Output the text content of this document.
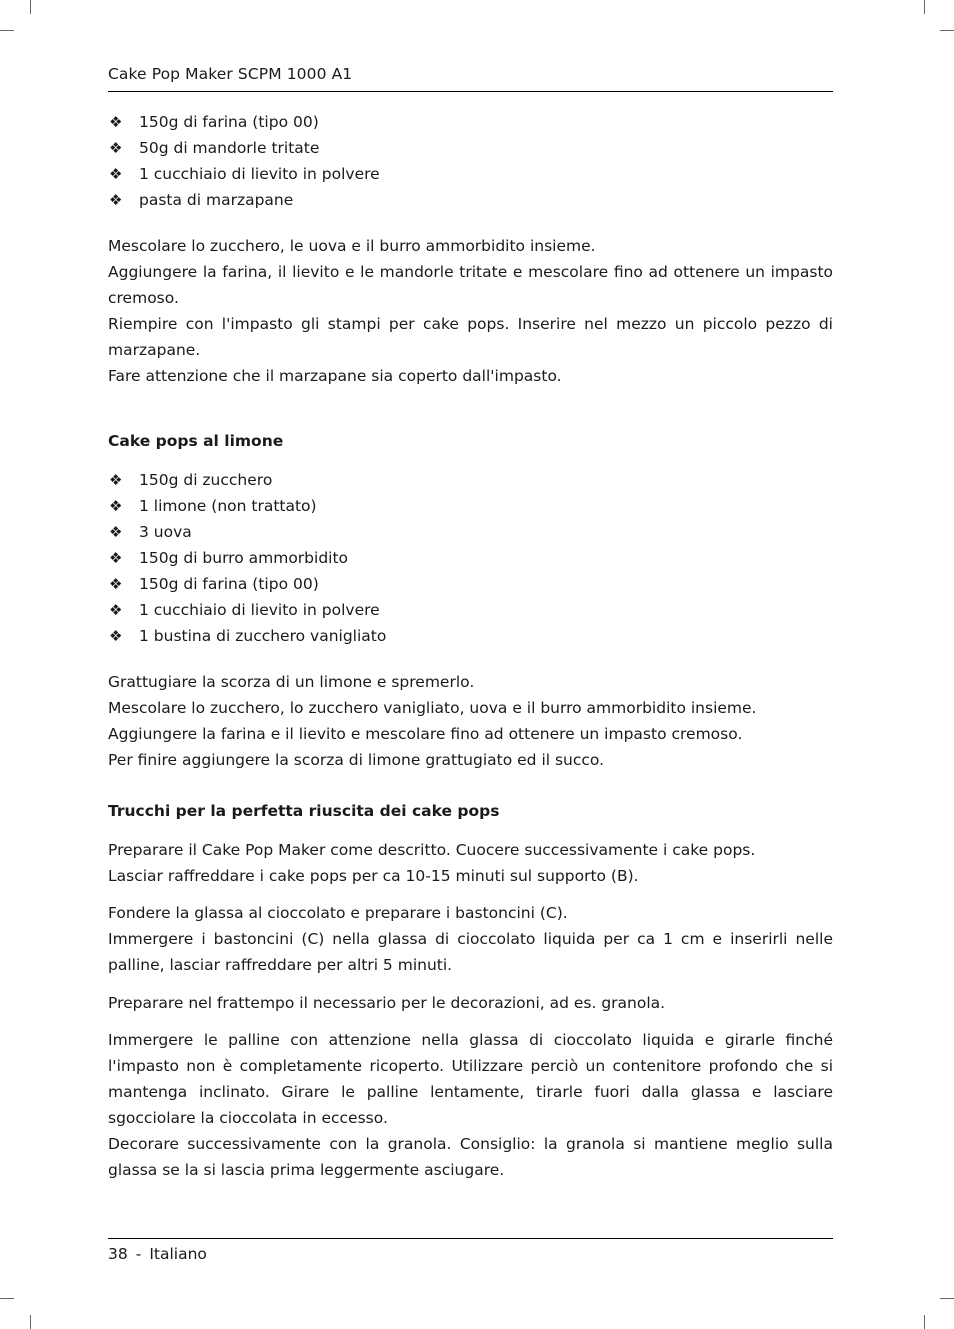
Cake Pop Maker SCPM 1000 A1
❖ 150g di farina (tipo 00)
❖ 50g di mandorle tritate
❖ 1 cucchiaio di lievito in polvere
❖ pasta di marzapane

Mescolare lo zucchero, le uova e il burro ammorbidito insieme.

Aggiungere la farina, il lievito e le mandorle tritate e mescolare fino ad ottenere un impasto cremoso.

Riempire con l'impasto gli stampi per cake pops. Inserire nel mezzo un piccolo pezzo di marzapane.

Fare attenzione che il marzapane sia coperto dall'impasto.

Cake pops al limone
❖ 150g di zucchero
❖ 1 limone (non trattato)
❖ 3 uova
❖ 150g di burro ammorbidito
❖ 150g di farina (tipo 00)
❖ 1 cucchiaio di lievito in polvere
❖ 1 bustina di zucchero vanigliato

Grattugiare la scorza di un limone e spremerlo.

Mescolare lo zucchero, lo zucchero vanigliato, uova e il burro ammorbidito insieme.

Aggiungere la farina e il lievito e mescolare fino ad ottenere un impasto cremoso.

Per finire aggiungere la scorza di limone grattugiato ed il succo.

Trucchi per la perfetta riuscita dei cake pops

Preparare il Cake Pop Maker come descritto. Cuocere successivamente i cake pops.

Lasciar raffreddare i cake pops per ca 10-15 minuti sul supporto (B).

Fondere la glassa al cioccolato e preparare i bastoncini (C).

Immergere i bastoncini (C) nella glassa di cioccolato liquida per ca 1 cm e inserirli nelle palline, lasciar raffreddare per altri 5 minuti.

Preparare nel frattempo il necessario per le decorazioni, ad es. granola.

Immergere le palline con attenzione nella glassa di cioccolato liquida e girarle finché l'impasto non è completamente ricoperto. Utilizzare perciò un contenitore profondo che si mantenga inclinato. Girare le palline lentamente, tirarle fuori dalla glassa e lasciare sgocciolare la cioccolata in eccesso.

Decorare successivamente con la granola. Consiglio: la granola si mantiene meglio sulla glassa se la si lascia prima leggermente asciugare.

38 - Italiano
